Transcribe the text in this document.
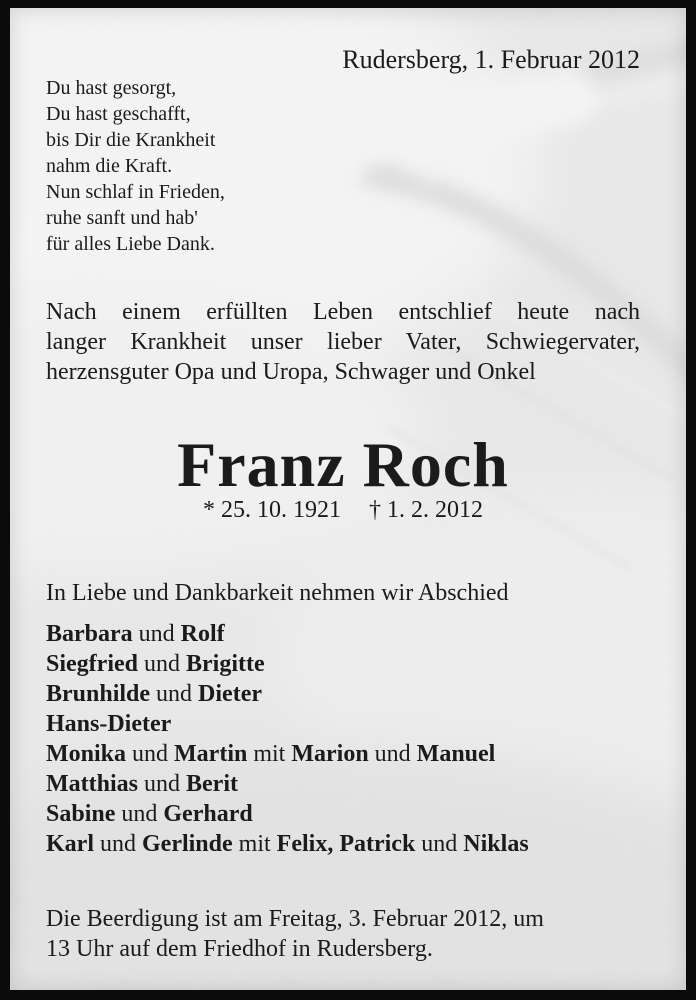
Rudersberg, 1. Februar 2012
Du hast gesorgt,
Du hast geschafft,
bis Dir die Krankheit
nahm die Kraft.
Nun schlaf in Frieden,
ruhe sanft und hab'
für alles Liebe Dank.
Nach einem erfüllten Leben entschlief heute nach
langer Krankheit unser lieber Vater, Schwiegervater,
herzensguter Opa und Uropa, Schwager und Onkel
Franz Roch
* 25. 10. 1921 † 1. 2. 2012
In Liebe und Dankbarkeit nehmen wir Abschied
Barbara und Rolf
Siegfried und Brigitte
Brunhilde und Dieter
Hans-Dieter
Monika und Martin mit Marion und Manuel
Matthias und Berit
Sabine und Gerhard
Karl und Gerlinde mit Felix, Patrick und Niklas
Die Beerdigung ist am Freitag, 3. Februar 2012, um
13 Uhr auf dem Friedhof in Rudersberg.
